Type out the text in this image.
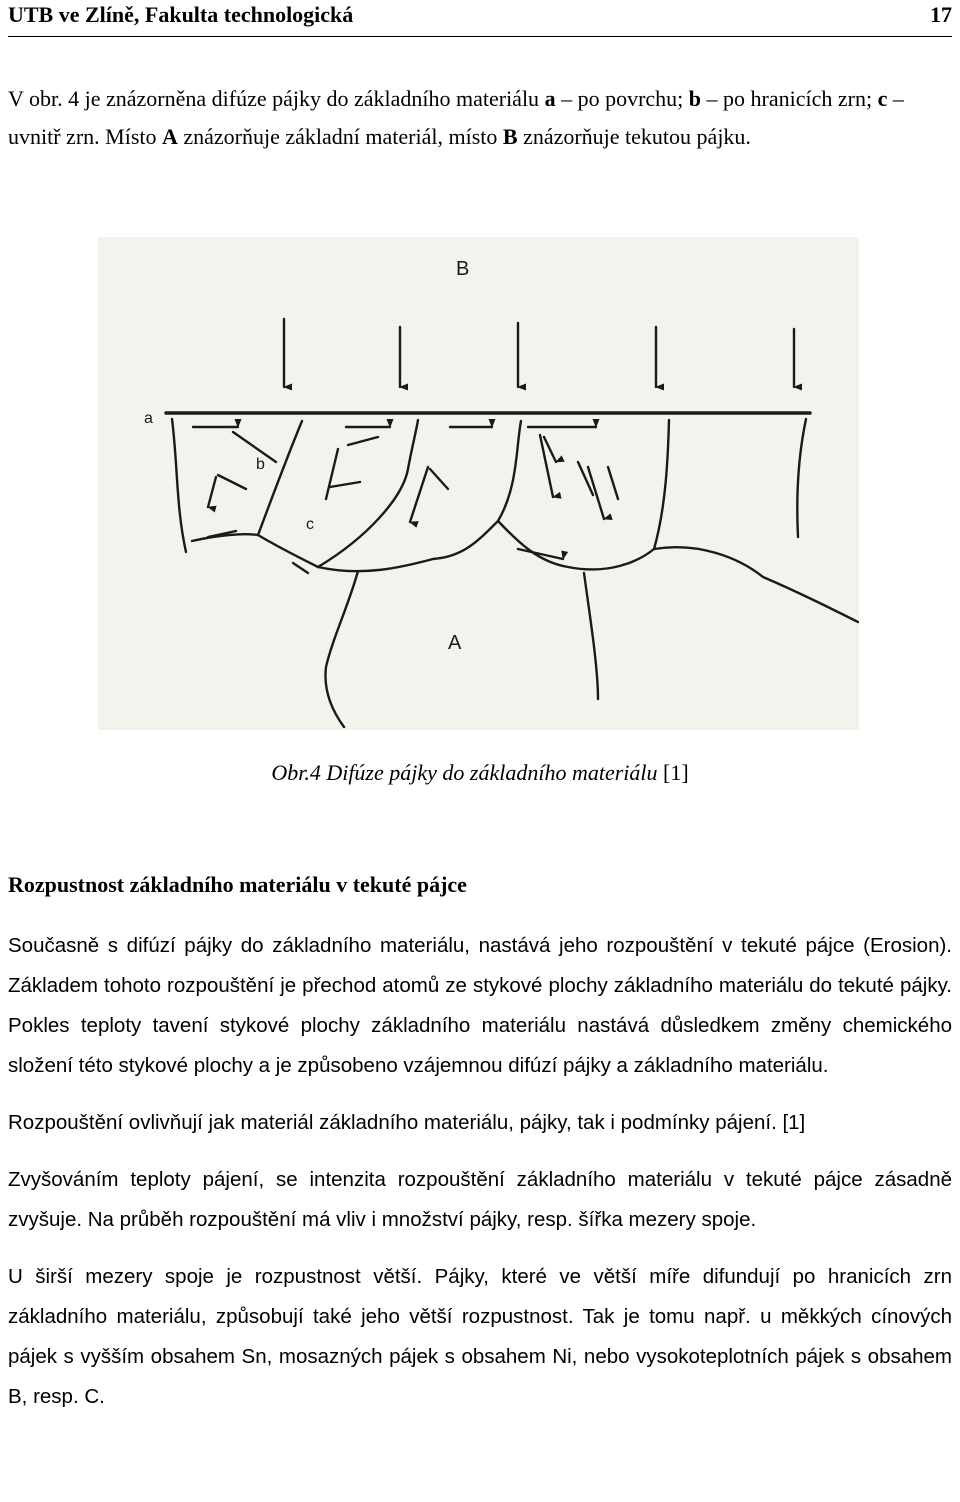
UTB ve Zlíně, Fakulta technologická	17
V obr. 4 je znázorněna difúze pájky do základního materiálu a – po povrchu; b – po hranicích zrn; c – uvnitř zrn. Místo A znázorňuje základní materiál, místo B znázorňuje tekutou pájku.
B
A
a
b
c
Obr.4 Difúze pájky do základního materiálu [1]
Rozpustnost základního materiálu v tekuté pájce

Současně s difúzí pájky do základního materiálu, nastává jeho rozpouštění v tekuté pájce (Erosion). Základem tohoto rozpouštění je přechod atomů ze stykové plochy základního materiálu do tekuté pájky. Pokles teploty tavení stykové plochy základního materiálu nastává důsledkem změny chemického složení této stykové plochy a je způsobeno vzájemnou difúzí pájky a základního materiálu.

Rozpouštění ovlivňují jak materiál základního materiálu, pájky, tak i podmínky pájení. [1]

Zvyšováním teploty pájení, se intenzita rozpouštění základního materiálu v tekuté pájce zásadně zvyšuje. Na průběh rozpouštění má vliv i množství pájky, resp. šířka mezery spoje.

U širší mezery spoje je rozpustnost větší. Pájky, které ve větší míře difundují po hranicích zrn základního materiálu, způsobují také jeho větší rozpustnost. Tak je tomu např. u měkkých cínových pájek s vyšším obsahem Sn, mosazných pájek s obsahem Ni, nebo vysokoteplotních pájek s obsahem B, resp. C.
